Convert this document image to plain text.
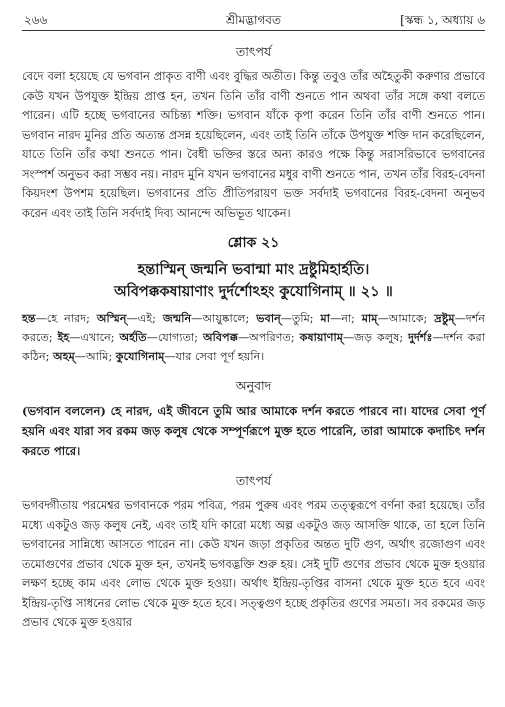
২৬৬	শ্রীমদ্ভাগবত	[স্কন্ধ ১, অধ্যায় ৬
তাৎপর্য

বেদে বলা হয়েছে যে ভগবান প্রাকৃত বাণী এবং বুদ্ধির অতীত। কিন্তু তবুও তাঁর অহৈতুকী করুণার প্রভাবে কেউ যখন উপযুক্ত ইন্দ্রিয় প্রাপ্ত হন, তখন তিনি তাঁর বাণী শুনতে পান অথবা তাঁর সঙ্গে কথা বলতে পারেন। এটি হচ্ছে ভগবানের অচিন্ত্য শক্তি। ভগবান যাঁকে কৃপা করেন তিনি তাঁর বাণী শুনতে পান। ভগবান নারদ মুনির প্রতি অত্যন্ত প্রসন্ন হয়েছিলেন, এবং তাই তিনি তাঁকে উপযুক্ত শক্তি দান করেছিলেন, যাতে তিনি তাঁর কথা শুনতে পান। বৈধী ভক্তির স্তরে অন্য কারও পক্ষে কিন্তু সরাসরিভাবে ভগবানের সংস্পর্শ অনুভব করা সম্ভব নয়। নারদ মুনি যখন ভগবানের মধুর বাণী শুনতে পান, তখন তাঁর বিরহ-বেদনা কিয়দংশ উপশম হয়েছিল। ভগবানের প্রতি প্রীতিপরায়ণ ভক্ত সর্বদাই ভগবানের বিরহ-বেদনা অনুভব করেন এবং তাই তিনি সর্বদাই দিব্য আনন্দে অভিভূত থাকেন।

শ্লোক ২১

হন্তাস্মিন্ জন্মনি ভবান্মা মাং দ্রষ্টুমিহার্হতি।

অবিপক্ককষায়াণাং দুর্দর্শোঽহং কুযোগিনাম্ ॥ ২১ ॥

হন্ত—হে নারদ; অস্মিন্—এই; জন্মনি—আয়ুষ্কালে; ভবান্—তুমি; মা—না; মাম্—আমাকে; দ্রষ্টুম্—দর্শন করতে; ইহ—এখানে; অর্হতি—যোগ্যতা; অবিপক্ক—অপরিণত; কষায়াণাম্—জড় কলুষ; দুর্দর্শঃ—দর্শন করা কঠিন; অহম্—আমি; কুযোগিনাম্—যার সেবা পূর্ণ হয়নি।

অনুবাদ

(ভগবান বললেন) হে নারদ, এই জীবনে তুমি আর আমাকে দর্শন করতে পারবে না। যাদের সেবা পূর্ণ হয়নি এবং যারা সব রকম জড় কলুষ থেকে সম্পূর্ণরূপে মুক্ত হতে পারেনি, তারা আমাকে কদাচিৎ দর্শন করতে পারে।

তাৎপর্য

ভগবদ্গীতায় পরমেশ্বর ভগবানকে পরম পবিত্র, পরম পুরুষ এবং পরম তত্ত্বরূপে বর্ণনা করা হয়েছে। তাঁর মধ্যে একটুও জড় কলুষ নেই, এবং তাই যদি কারো মধ্যে অল্প একটুও জড় আসক্তি থাকে, তা হলে তিনি ভগবানের সান্নিধ্যে আসতে পারেন না। কেউ যখন জড়া প্রকৃতির অন্তত দুটি গুণ, অর্থাৎ রজোগুণ এবং তমোগুণের প্রভাব থেকে মুক্ত হন, তখনই ভগবদ্ভক্তি শুরু হয়। সেই দুটি গুণের প্রভাব থেকে মুক্ত হওয়ার লক্ষণ হচ্ছে কাম এবং লোভ থেকে মুক্ত হওয়া। অর্থাৎ ইন্দ্রিয়-তৃপ্তির বাসনা থেকে মুক্ত হতে হবে এবং ইন্দ্রিয়-তৃপ্তি সাধনের লোভ থেকে মুক্ত হতে হবে। সত্ত্বগুণ হচ্ছে প্রকৃতির গুণের সমতা। সব রকমের জড় প্রভাব থেকে মুক্ত হওয়ার
